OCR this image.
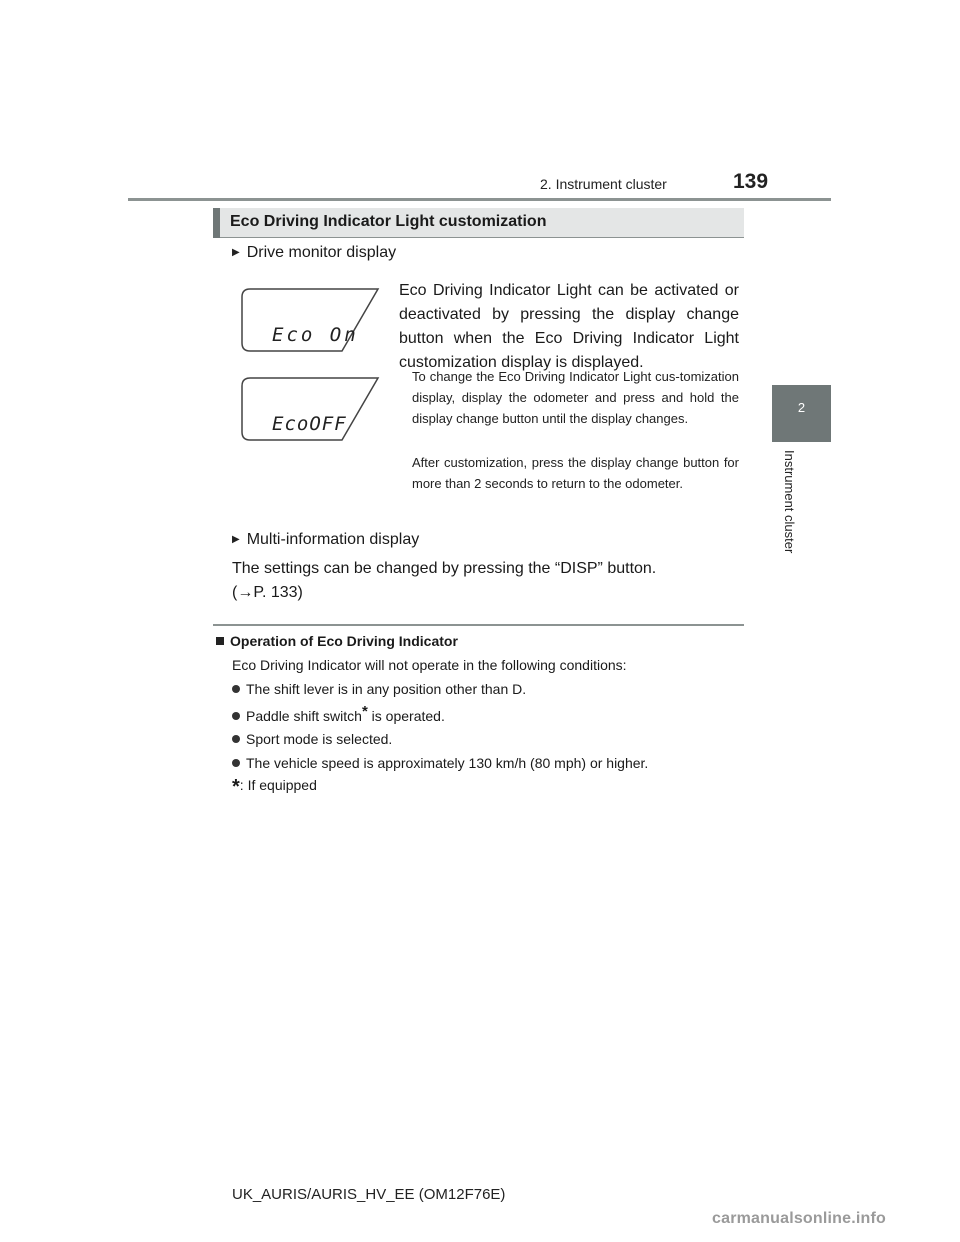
2. Instrument cluster	139
2
Instrument cluster
Eco Driving Indicator Light customization
▶ Drive monitor display
Eco On
EcoOFF
Eco Driving Indicator Light can be activated or deactivated by pressing the display change button when the Eco Driving Indicator Light customization display is displayed.
To change the Eco Driving Indicator Light cus-tomization display, display the odometer and press and hold the display change button until the display changes.
After customization, press the display change button for more than 2 seconds to return to the odometer.
▶ Multi-information display
The settings can be changed by pressing the “DISP” button.
(→P. 133)
Operation of Eco Driving Indicator
Eco Driving Indicator will not operate in the following conditions:
The shift lever is in any position other than D.
Paddle shift switch* is operated.
Sport mode is selected.
The vehicle speed is approximately 130 km/h (80 mph) or higher.
*: If equipped
UK_AURIS/AURIS_HV_EE (OM12F76E)
carmanualsonline.info
